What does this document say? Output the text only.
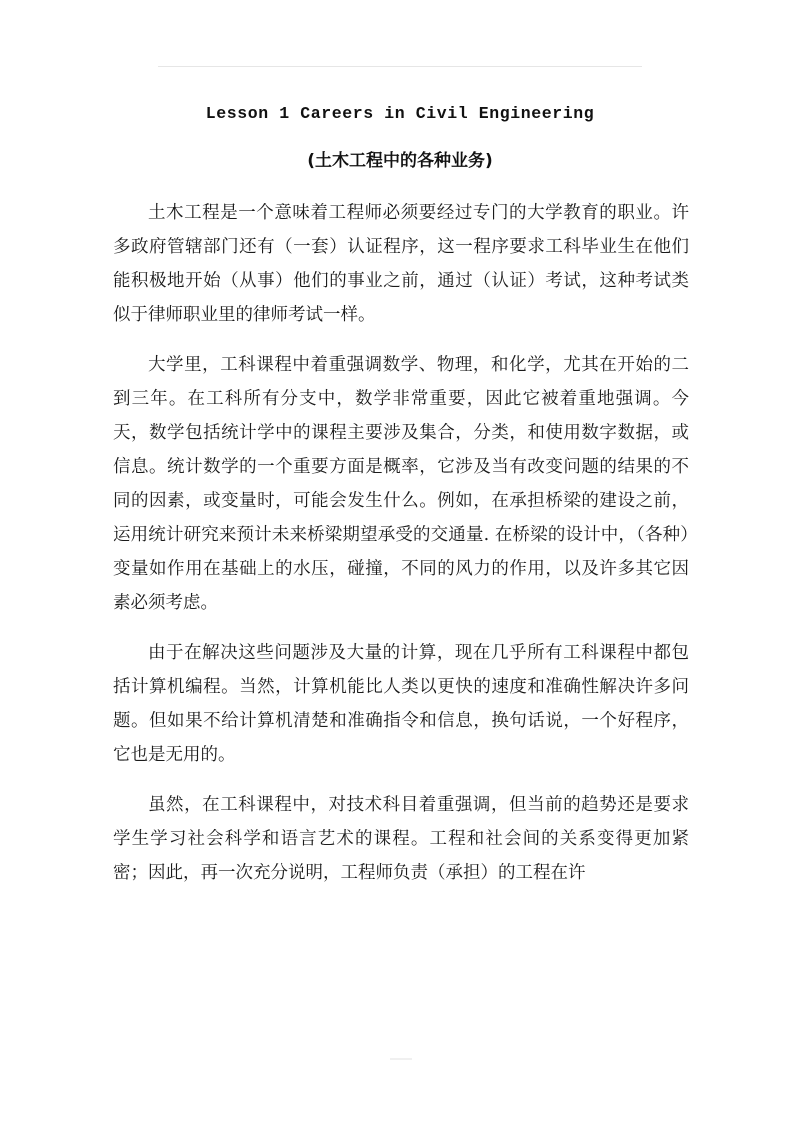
Lesson 1 Careers in Civil Engineering
(土木工程中的各种业务)

土木工程是一个意味着工程师必须要经过专门的大学教育的职业。许多政府管辖部门还有（一套）认证程序，这一程序要求工科毕业生在他们能积极地开始（从事）他们的事业之前，通过（认证）考试，这种考试类似于律师职业里的律师考试一样。

大学里，工科课程中着重强调数学、物理，和化学，尤其在开始的二到三年。在工科所有分支中，数学非常重要，因此它被着重地强调。今天，数学包括统计学中的课程主要涉及集合，分类，和使用数字数据，或信息。统计数学的一个重要方面是概率，它涉及当有改变问题的结果的不同的因素，或变量时，可能会发生什么。例如，在承担桥梁的建设之前，运用统计研究来预计未来桥梁期望承受的交通量. 在桥梁的设计中，（各种）变量如作用在基础上的水压，碰撞，不同的风力的作用，以及许多其它因素必须考虑。

由于在解决这些问题涉及大量的计算，现在几乎所有工科课程中都包括计算机编程。当然，计算机能比人类以更快的速度和准确性解决许多问题。但如果不给计算机清楚和准确指令和信息，换句话说，一个好程序，它也是无用的。

虽然，在工科课程中，对技术科目着重强调，但当前的趋势还是要求学生学习社会科学和语言艺术的课程。工程和社会间的关系变得更加紧密；因此，再一次充分说明，工程师负责（承担）的工程在许
